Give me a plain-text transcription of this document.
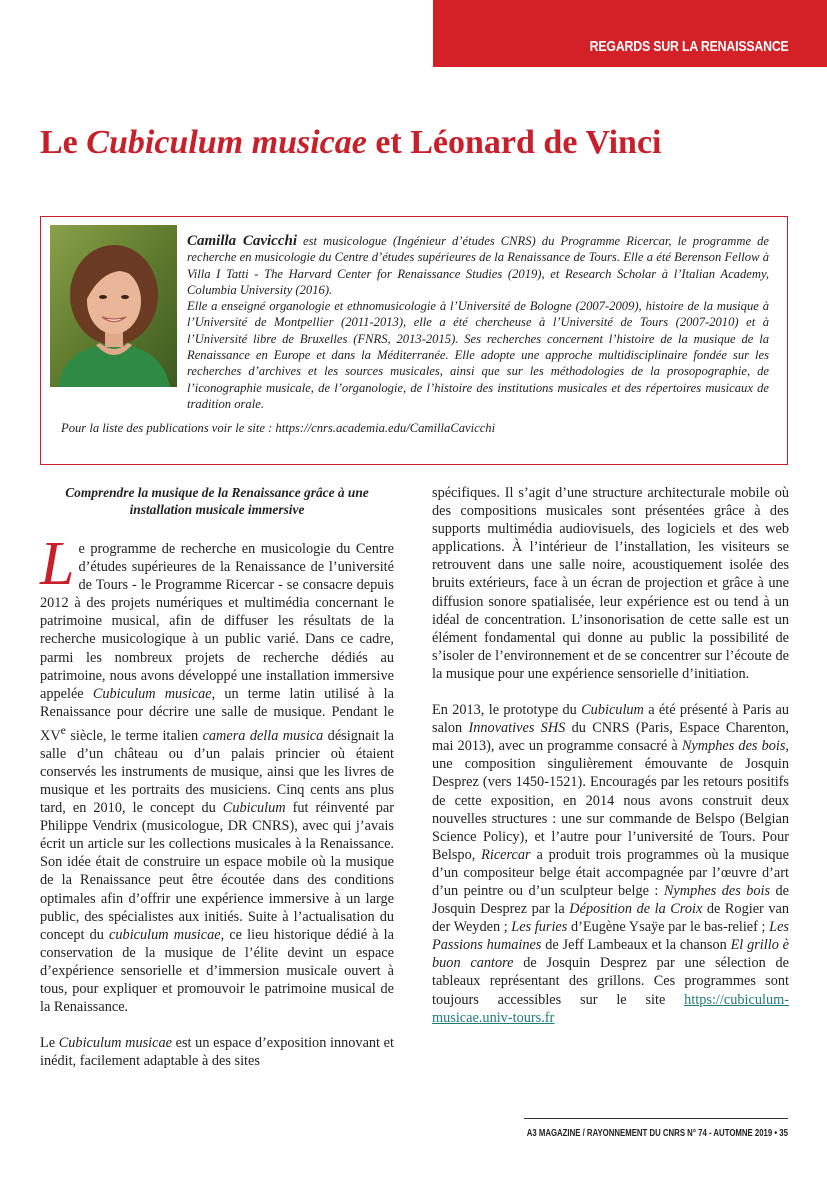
REGARDS SUR LA RENAISSANCE
Le Cubiculum musicae et Léonard de Vinci

Camilla Cavicchi est musicologue (Ingénieur d’études CNRS) du Programme Ricercar, le programme de recherche en musicologie du Centre d’études supérieures de la Renaissance de Tours. Elle a été Berenson Fellow à Villa I Tatti - The Harvard Center for Renaissance Studies (2019), et Research Scholar à l’Italian Academy, Columbia University (2016).

Elle a enseigné organologie et ethnomusicologie à l’Université de Bologne (2007-2009), histoire de la musique à l’Université de Montpellier (2011-2013), elle a été chercheuse à l’Université de Tours (2007-2010) et à l’Université libre de Bruxelles (FNRS, 2013-2015). Ses recherches concernent l’histoire de la musique de la Renaissance en Europe et dans la Méditerranée. Elle adopte une approche multidisciplinaire fondée sur les recherches d’archives et les sources musicales, ainsi que sur les méthodologies de la prosopographie, de l’iconographie musicale, de l’organologie, de l’histoire des institutions musicales et des répertoires musicaux de tradition orale.

Pour la liste des publications voir le site : https://cnrs.academia.edu/CamillaCavicchi

Comprendre la musique de la Renaissance grâce à une installation musicale immersive

Le programme de recherche en musicologie du Centre d’études supérieures de la Renaissance de l’université de Tours - le Programme Ricercar - se consacre depuis 2012 à des projets numériques et multimédia concernant le patrimoine musical, afin de diffuser les résultats de la recherche musicologique à un public varié. Dans ce cadre, parmi les nombreux projets de recherche dédiés au patrimoine, nous avons développé une installation immersive appelée Cubiculum musicae, un terme latin utilisé à la Renaissance pour décrire une salle de musique. Pendant le XVe siècle, le terme italien camera della musica désignait la salle d’un château ou d’un palais princier où étaient conservés les instruments de musique, ainsi que les livres de musique et les portraits des musiciens. Cinq cents ans plus tard, en 2010, le concept du Cubiculum fut réinventé par Philippe Vendrix (musicologue, DR CNRS), avec qui j’avais écrit un article sur les collections musicales à la Renaissance. Son idée était de construire un espace mobile où la musique de la Renaissance peut être écoutée dans des conditions optimales afin d’offrir une expérience immersive à un large public, des spécialistes aux initiés. Suite à l’actualisation du concept du cubiculum musicae, ce lieu historique dédié à la conservation de la musique de l’élite devint un espace d’expérience sensorielle et d’immersion musicale ouvert à tous, pour expliquer et promouvoir le patrimoine musical de la Renaissance.

Le Cubiculum musicae est un espace d’exposition innovant et inédit, facilement adaptable à des sites

spécifiques. Il s’agit d’une structure architecturale mobile où des compositions musicales sont présentées grâce à des supports multimédia audiovisuels, des logiciels et des web applications. À l’intérieur de l’installation, les visiteurs se retrouvent dans une salle noire, acoustiquement isolée des bruits extérieurs, face à un écran de projection et grâce à une diffusion sonore spatialisée, leur expérience est ou tend à un idéal de concentration. L’insonorisation de cette salle est un élément fondamental qui donne au public la possibilité de s’isoler de l’environnement et de se concentrer sur l’écoute de la musique pour une expérience sensorielle d’initiation.

En 2013, le prototype du Cubiculum a été présenté à Paris au salon Innovatives SHS du CNRS (Paris, Espace Charenton, mai 2013), avec un programme consacré à Nymphes des bois, une composition singulièrement émouvante de Josquin Desprez (vers 1450-1521). Encouragés par les retours positifs de cette exposition, en 2014 nous avons construit deux nouvelles structures : une sur commande de Belspo (Belgian Science Policy), et l’autre pour l’université de Tours. Pour Belspo, Ricercar a produit trois programmes où la musique d’un compositeur belge était accompagnée par l’œuvre d’art d’un peintre ou d’un sculpteur belge : Nymphes des bois de Josquin Desprez par la Déposition de la Croix de Rogier van der Weyden ; Les furies d’Eugène Ysaÿe par le bas-relief ; Les Passions humaines de Jeff Lambeaux et la chanson El grillo è buon cantore de Josquin Desprez par une sélection de tableaux représentant des grillons. Ces programmes sont toujours accessibles sur le site https://cubiculum-musicae.univ-tours.fr

A3 MAGAZINE / RAYONNEMENT DU CNRS N° 74 - AUTOMNE 2019 • 35
